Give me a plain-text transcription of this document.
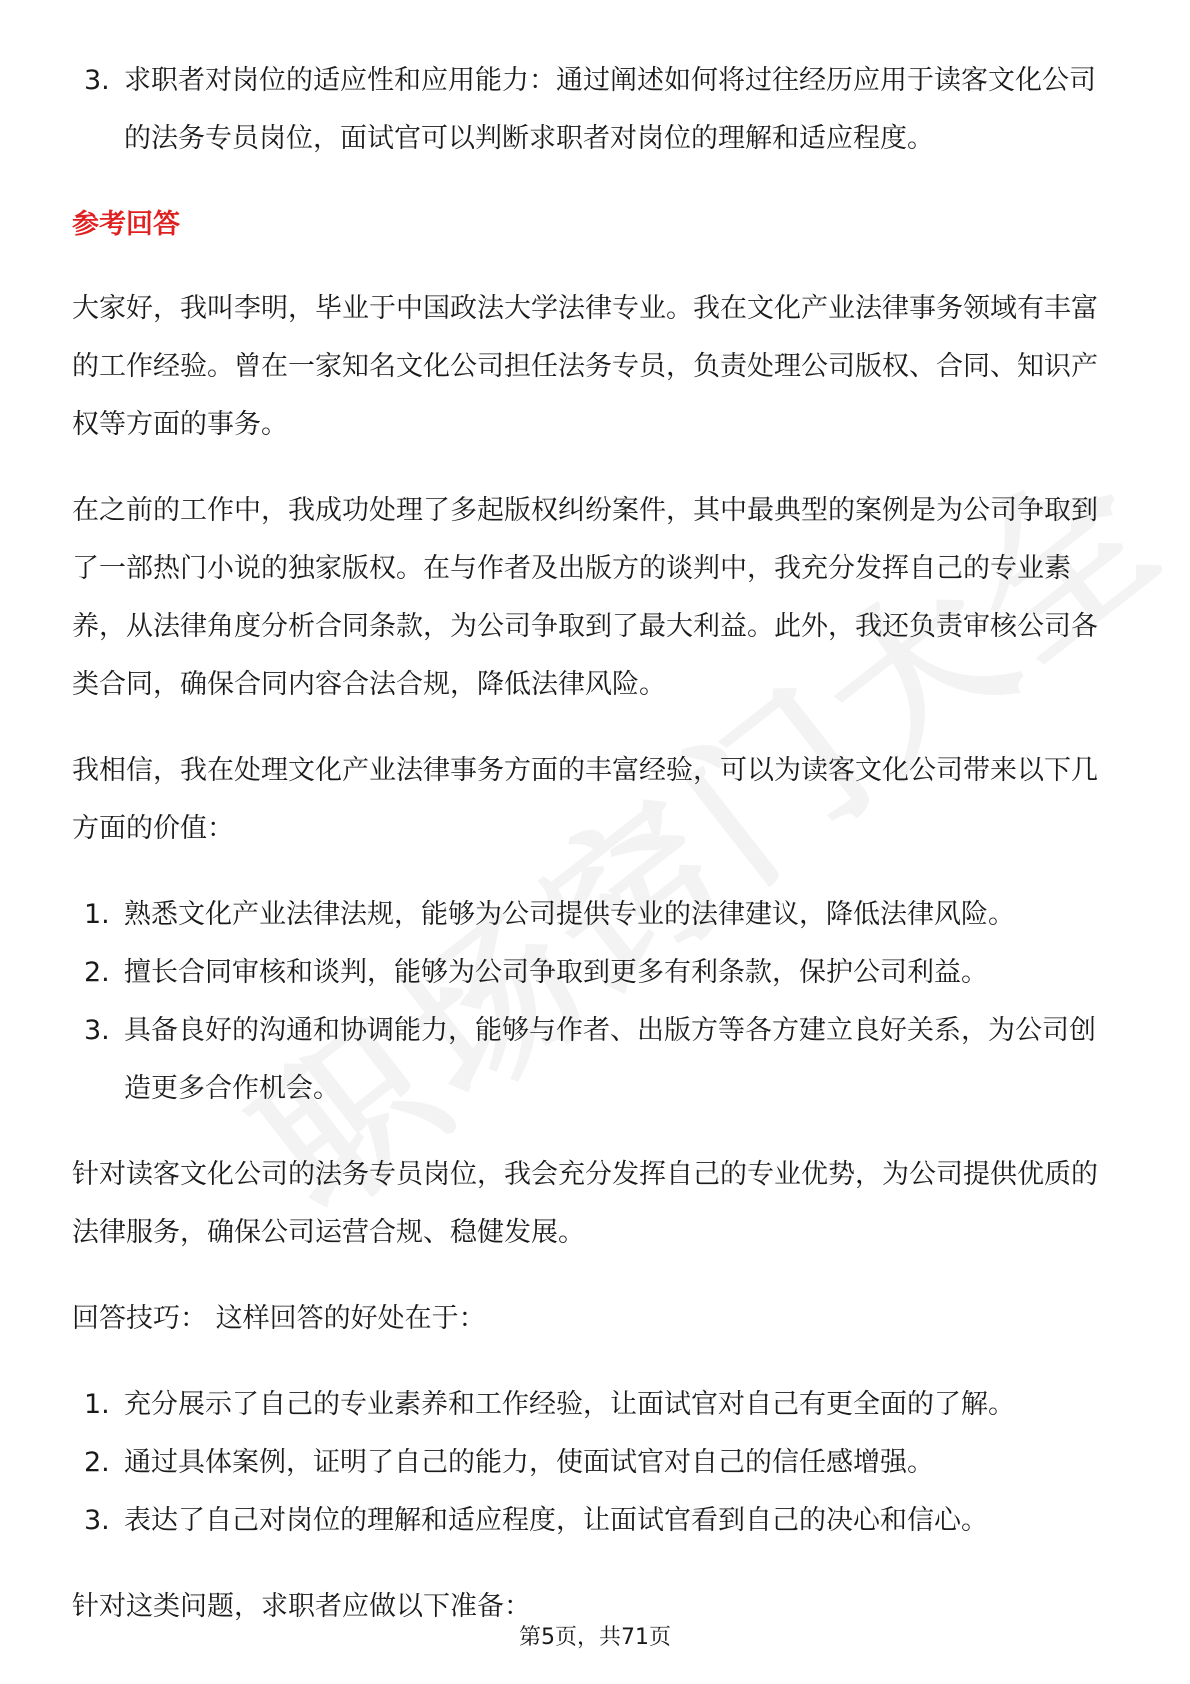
3. 求职者对岗位的适应性和应用能力：通过阐述如何将过往经历应用于读客文化公司的法务专员岗位，面试官可以判断求职者对岗位的理解和适应程度。
参考回答

大家好，我叫李明，毕业于中国政法大学法律专业。我在文化产业法律事务领域有丰富的工作经验。曾在一家知名文化公司担任法务专员，负责处理公司版权、合同、知识产权等方面的事务。

在之前的工作中，我成功处理了多起版权纠纷案件，其中最典型的案例是为公司争取到了一部热门小说的独家版权。在与作者及出版方的谈判中，我充分发挥自己的专业素养，从法律角度分析合同条款，为公司争取到了最大利益。此外，我还负责审核公司各类合同，确保合同内容合法合规，降低法律风险。

我相信，我在处理文化产业法律事务方面的丰富经验，可以为读客文化公司带来以下几方面的价值：

1. 熟悉文化产业法律法规，能够为公司提供专业的法律建议，降低法律风险。
2. 擅长合同审核和谈判，能够为公司争取到更多有利条款，保护公司利益。
3. 具备良好的沟通和协调能力，能够与作者、出版方等各方建立良好关系，为公司创造更多合作机会。

针对读客文化公司的法务专员岗位，我会充分发挥自己的专业优势，为公司提供优质的法律服务，确保公司运营合规、稳健发展。

回答技巧： 这样回答的好处在于：

1. 充分展示了自己的专业素养和工作经验，让面试官对自己有更全面的了解。
2. 通过具体案例，证明了自己的能力，使面试官对自己的信任感增强。
3. 表达了自己对岗位的理解和适应程度，让面试官看到自己的决心和信心。

针对这类问题，求职者应做以下准备：

第5页，共71页
